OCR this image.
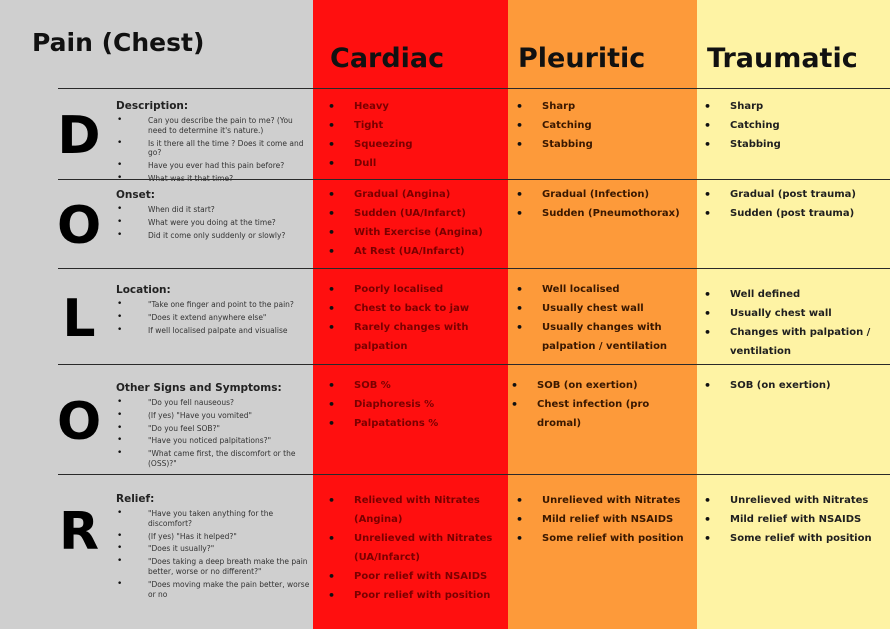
Pain (Chest)
Cardiac	Pleuritic Traumatic
D Description:
• Can you describe the pain to me? (You need to determine it's nature.)
• Is it there all the time ? Does it come and go?
• Have you ever had this pain before?
• What was it that time?
• Heavy
• Tight
• Squeezing
• Dull
• Sharp
• Catching
• Stabbing
• Sharp
• Catching
• Stabbing
O
Onset:
• When did it start?
• What were you doing at the time?
• Did it come only suddenly or slowly?
• Gradual (Angina)
• Sudden (UA/Infarct)
• With Exercise (Angina)
• At Rest (UA/Infarct)
• Gradual (Infection)
• Sudden (Pneumothorax)
• Gradual (post trauma)
• Sudden (post trauma)
L	Location:
• "Take one finger and point to the pain?
• "Does it extend anywhere else"
• If well localised palpate and visualise
• Poorly localised
• Chest to back to jaw
• Rarely changes with palpation
• Well localised
• Usually chest wall
• Usually changes with palpation / ventilation
• Well defined
• Usually chest wall
• Changes with palpation / ventilation
O
Other Signs and Symptoms:
• "Do you fell nauseous?
• (If yes) "Have you vomited"
• "Do you feel SOB?"
• "Have you noticed palpitations?"
• "What came first, the discomfort or the (OSS)?"
• SOB %
• Diaphoresis %
• Palpatations %
• SOB (on exertion)
• Chest infection (pro dromal)
• SOB (on exertion)
R
Relief:
• "Have you taken anything for the discomfort?
• (If yes) "Has it helped?"
• "Does it usually?"
• "Does taking a deep breath make the pain better, worse or no different?"
• "Does moving make the pain better, worse or no
• Relieved with Nitrates (Angina)
• Unrelieved with Nitrates (UA/Infarct)
• Poor relief with NSAIDS
• Poor relief with position
• Unrelieved with Nitrates
• Mild relief with NSAIDS
• Some relief with position
• Unrelieved with Nitrates
• Mild relief with NSAIDS
• Some relief with position
